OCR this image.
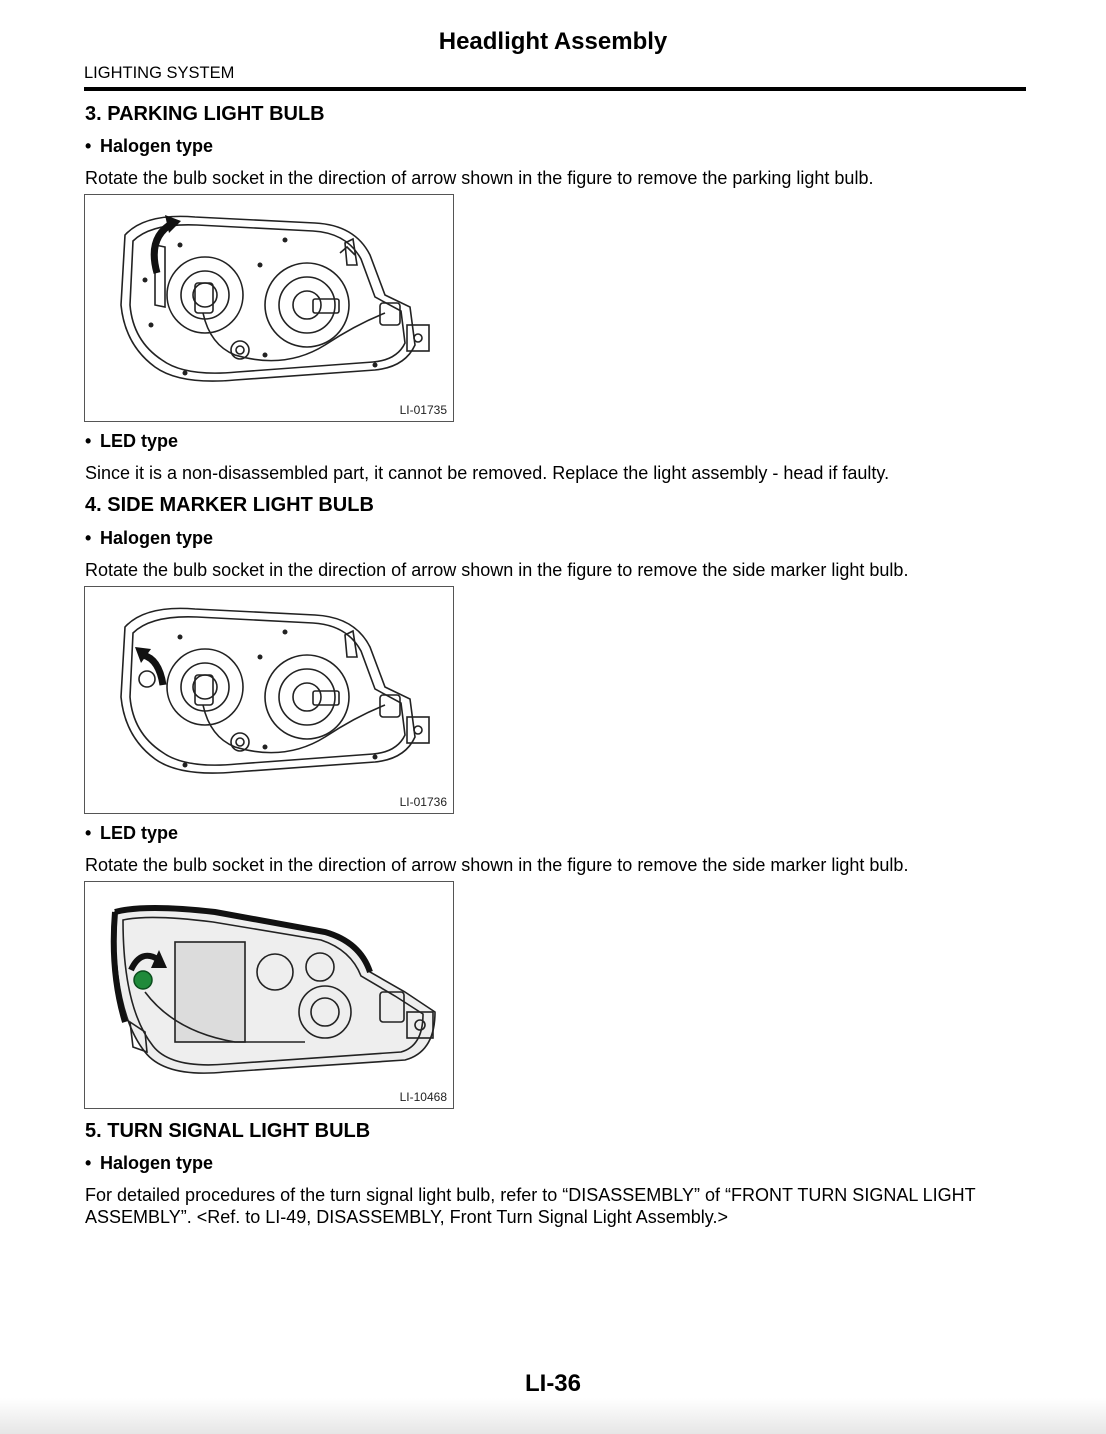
Headlight Assembly
LIGHTING SYSTEM
3. PARKING LIGHT BULB
• Halogen type
Rotate the bulb socket in the direction of arrow shown in the figure to remove the parking light bulb.
LI-01735
• LED type
Since it is a non-disassembled part, it cannot be removed. Replace the light assembly - head if faulty.
4. SIDE MARKER LIGHT BULB
• Halogen type
Rotate the bulb socket in the direction of arrow shown in the figure to remove the side marker light bulb.
LI-01736
• LED type
Rotate the bulb socket in the direction of arrow shown in the figure to remove the side marker light bulb.
LI-10468
5. TURN SIGNAL LIGHT BULB
• Halogen type
For detailed procedures of the turn signal light bulb, refer to “DISASSEMBLY” of “FRONT TURN SIGNAL LIGHT ASSEMBLY”. <Ref. to LI-49, DISASSEMBLY, Front Turn Signal Light Assembly.>
LI-36
